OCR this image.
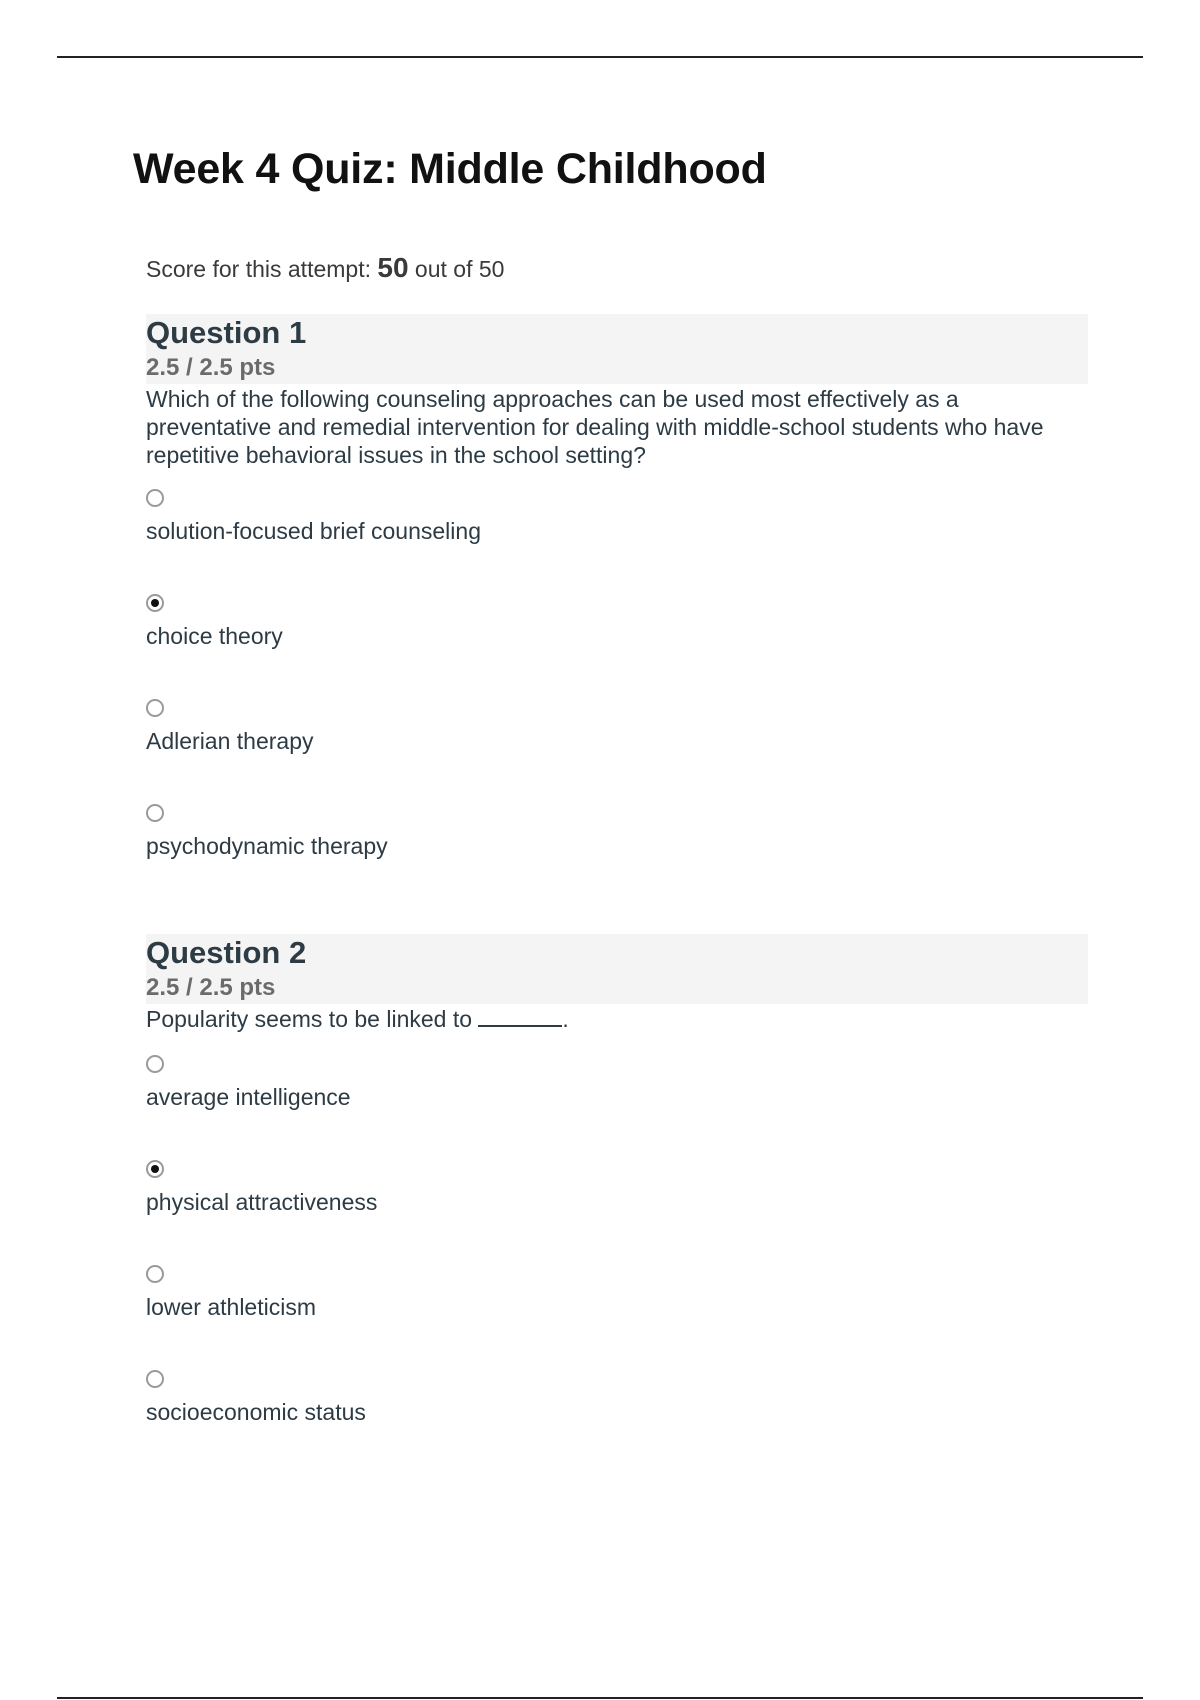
Week 4 Quiz: Middle Childhood
Score for this attempt: 50 out of 50
Question 1
2.5 / 2.5 pts

Which of the following counseling approaches can be used most effectively as a preventative and remedial intervention for dealing with middle-school students who have repetitive behavioral issues in the school setting?

solution-focused brief counseling
choice theory
Adlerian therapy
psychodynamic therapy
Question 2
2.5 / 2.5 pts

Popularity seems to be linked to	.

average intelligence
physical attractiveness
lower athleticism
socioeconomic status
